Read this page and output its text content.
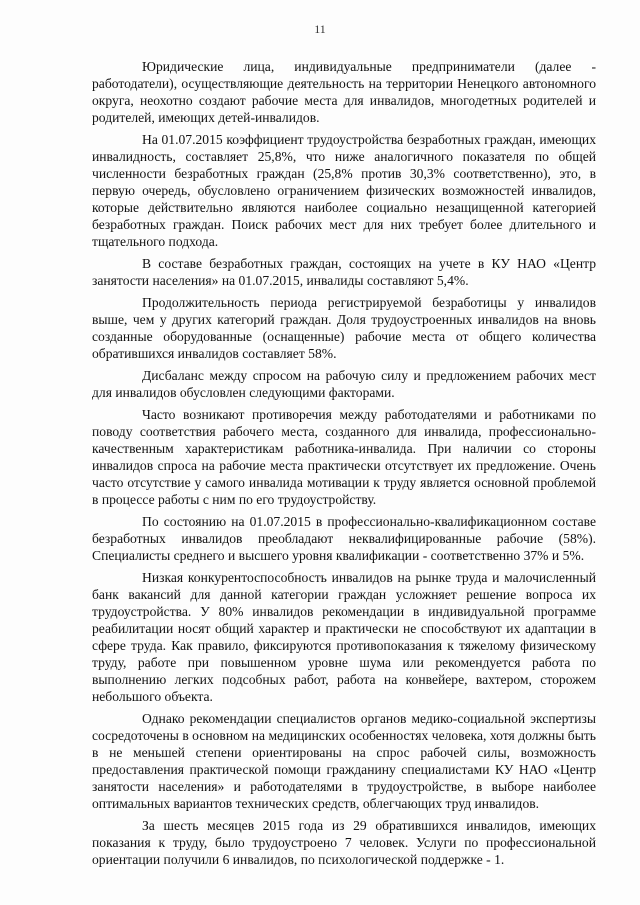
11

Юридические лица, индивидуальные предприниматели (далее - работодатели), осуществляющие деятельность на территории Ненецкого автономного округа, неохотно создают рабочие места для инвалидов, многодетных родителей и родителей, имеющих детей-инвалидов.

На 01.07.2015 коэффициент трудоустройства безработных граждан, имеющих инвалидность, составляет 25,8%, что ниже аналогичного показателя по общей численности безработных граждан (25,8% против 30,3% соответственно), это, в первую очередь, обусловлено ограничением физических возможностей инвалидов, которые действительно являются наиболее социально незащищенной категорией безработных граждан. Поиск рабочих мест для них требует более длительного и тщательного подхода.

В составе безработных граждан, состоящих на учете в КУ НАО «Центр занятости населения» на 01.07.2015, инвалиды составляют 5,4%.

Продолжительность периода регистрируемой безработицы у инвалидов выше, чем у других категорий граждан. Доля трудоустроенных инвалидов на вновь созданные оборудованные (оснащенные) рабочие места от общего количества обратившихся инвалидов составляет 58%.

Дисбаланс между спросом на рабочую силу и предложением рабочих мест для инвалидов обусловлен следующими факторами.

Часто возникают противоречия между работодателями и работниками по поводу соответствия рабочего места, созданного для инвалида, профессионально-качественным характеристикам работника-инвалида. При наличии со стороны инвалидов спроса на рабочие места практически отсутствует их предложение. Очень часто отсутствие у самого инвалида мотивации к труду является основной проблемой в процессе работы с ним по его трудоустройству.

По состоянию на 01.07.2015 в профессионально-квалификационном составе безработных инвалидов преобладают неквалифицированные рабочие (58%). Специалисты среднего и высшего уровня квалификации - соответственно 37% и 5%.

Низкая конкурентоспособность инвалидов на рынке труда и малочисленный банк вакансий для данной категории граждан усложняет решение вопроса их трудоустройства. У 80% инвалидов рекомендации в индивидуальной программе реабилитации носят общий характер и практически не способствуют их адаптации в сфере труда. Как правило, фиксируются противопоказания к тяжелому физическому труду, работе при повышенном уровне шума или рекомендуется работа по выполнению легких подсобных работ, работа на конвейере, вахтером, сторожем небольшого объекта.

Однако рекомендации специалистов органов медико-социальной экспертизы сосредоточены в основном на медицинских особенностях человека, хотя должны быть в не меньшей степени ориентированы на спрос рабочей силы, возможность предоставления практической помощи гражданину специалистами КУ НАО «Центр занятости населения» и работодателями в трудоустройстве, в выборе наиболее оптимальных вариантов технических средств, облегчающих труд инвалидов.

За шесть месяцев 2015 года из 29 обратившихся инвалидов, имеющих показания к труду, было трудоустроено 7 человек. Услуги по профессиональной ориентации получили 6 инвалидов, по психологической поддержке - 1.
